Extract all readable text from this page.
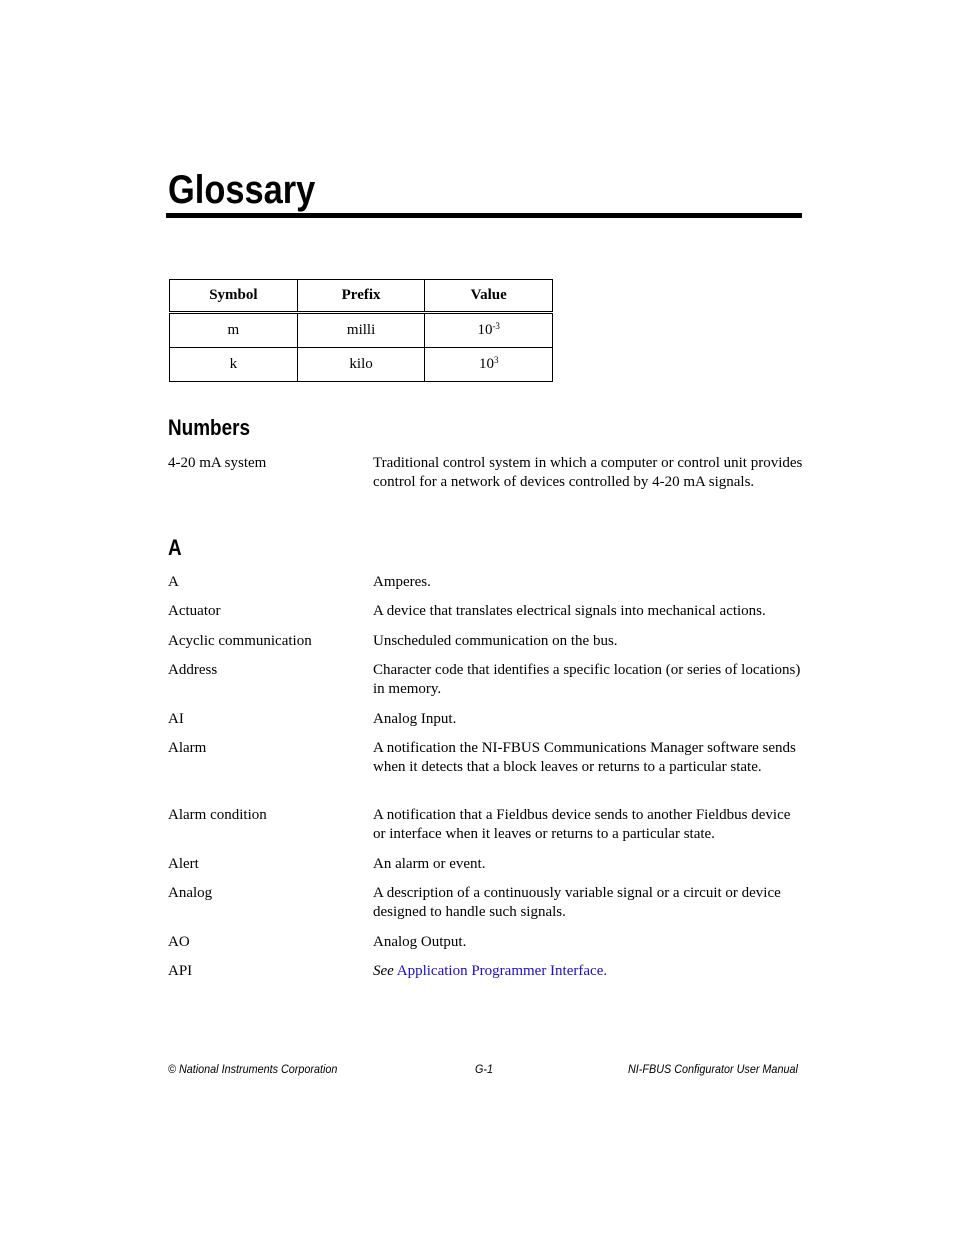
Glossary
Symbol	Prefix	Value
m	milli	$10^{-3}$
k	kilo	$10^3$
Numbers
4-20 mA system	Traditional control system in which a computer or control unit provides control for a network of devices controlled by 4-20 mA signals.
A
A	Amperes.
Actuator	A device that translates electrical signals into mechanical actions.
Acyclic communication	Unscheduled communication on the bus.
Address	Character code that identifies a specific location (or series of locations) in memory.
AI	Analog Input.
Alarm	A notification the NI-FBUS Communications Manager software sends when it detects that a block leaves or returns to a particular state.
Alarm condition	A notification that a Fieldbus device sends to another Fieldbus device or interface when it leaves or returns to a particular state.
Alert	An alarm or event.
Analog	A description of a continuously variable signal or a circuit or device designed to handle such signals.
AO	Analog Output.
API	See Application Programmer Interface.
© National Instruments Corporation	G-1	NI-FBUS Configurator User Manual
